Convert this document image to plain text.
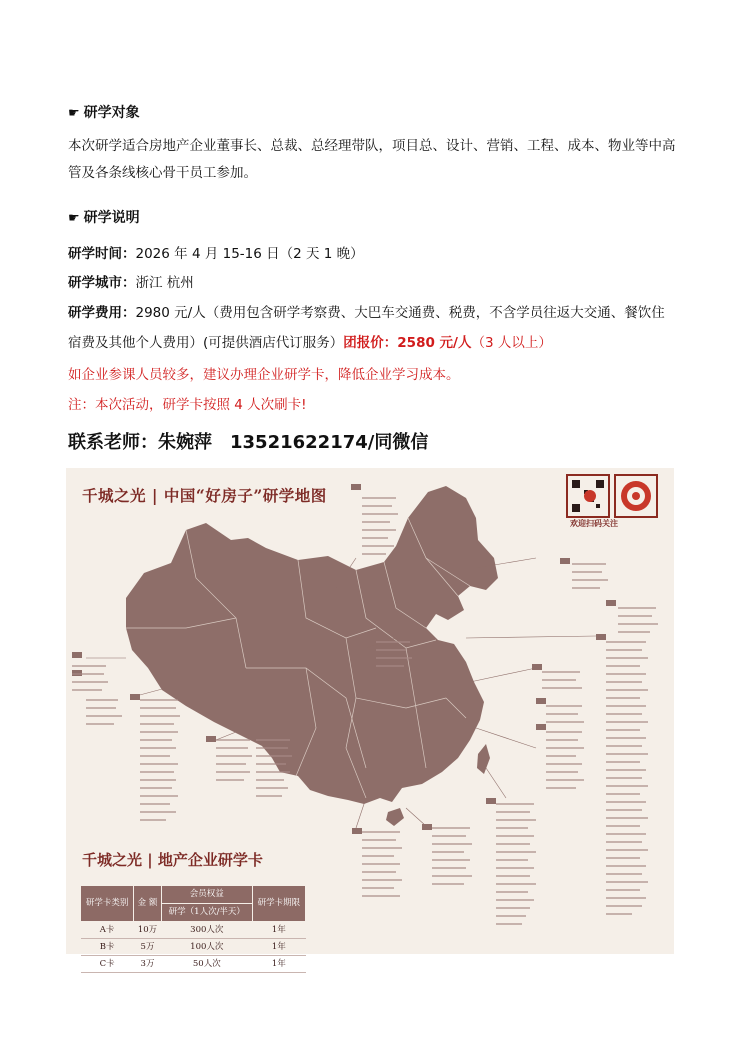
☛ 研学对象
本次研学适合房地产企业董事长、总裁、总经理带队，项目总、设计、营销、工程、成本、物业等中高管及各条线核心骨干员工参加。
☛ 研学说明
研学时间：2026 年 4 月 15-16 日（2 天 1 晚）
研学城市：浙江 杭州
研学费用：2980 元/人（费用包含研学考察费、大巴车交通费、税费，不含学员往返大交通、餐饮住
宿费及其他个人费用）(可提供酒店代订服务）团报价：2580 元/人（3 人以上）
如企业参课人员较多，建议办理企业研学卡，降低企业学习成本。
注：本次活动，研学卡按照 4 人次刷卡!
联系老师：朱婉萍 13521622174/同微信
千城之光 | 中国“好房子”研学地图
欢迎扫码关注
千城之光 | 地产企业研学卡
研学卡类别	金 额	会员权益	研学卡期限
		研学（1人次/半天）	
A卡	10万	300人次	1年
B卡	5万	100人次	1年
C卡	3万	50人次	1年
